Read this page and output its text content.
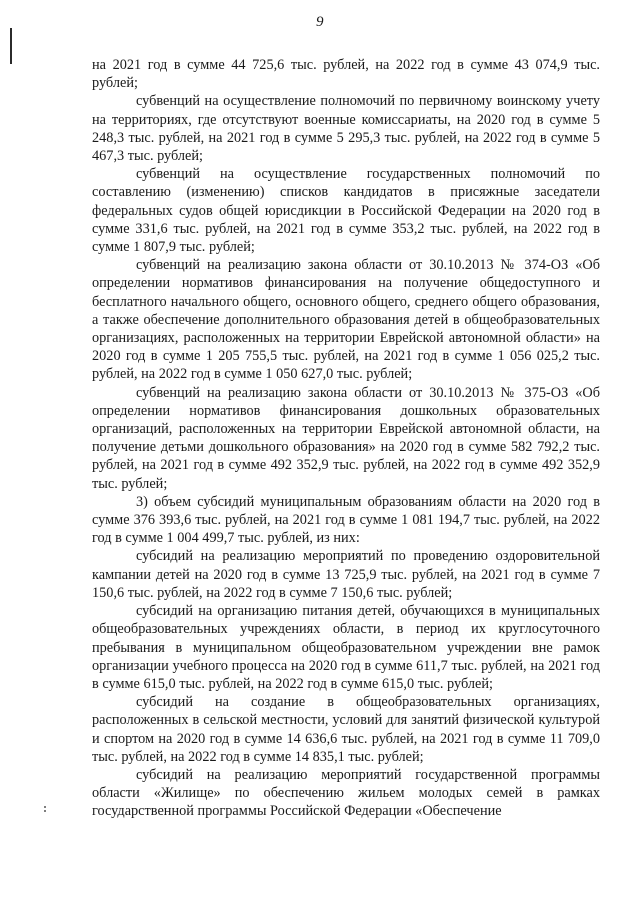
9

на 2021 год в сумме 44 725,6 тыс. рублей, на 2022 год в сумме 43 074,9 тыс. рублей;

субвенций на осуществление полномочий по первичному воинскому учету на территориях, где отсутствуют военные комиссариаты, на 2020 год в сумме 5 248,3 тыс. рублей, на 2021 год в сумме 5 295,3 тыс. рублей, на 2022 год в сумме 5 467,3 тыс. рублей;

субвенций на осуществление государственных полномочий по составлению (изменению) списков кандидатов в присяжные заседатели федеральных судов общей юрисдикции в Российской Федерации на 2020 год в сумме 331,6 тыс. рублей, на 2021 год в сумме 353,2 тыс. рублей, на 2022 год в сумме 1 807,9 тыс. рублей;

субвенций на реализацию закона области от 30.10.2013 № 374-ОЗ «Об определении нормативов финансирования на получение общедоступного и бесплатного начального общего, основного общего, среднего общего образования, а также обеспечение дополнительного образования детей в общеобразовательных организациях, расположенных на территории Еврейской автономной области» на 2020 год в сумме 1 205 755,5 тыс. рублей, на 2021 год в сумме 1 056 025,2 тыс. рублей, на 2022 год в сумме 1 050 627,0 тыс. рублей;

субвенций на реализацию закона области от 30.10.2013 № 375-ОЗ «Об определении нормативов финансирования дошкольных образовательных организаций, расположенных на территории Еврейской автономной области, на получение детьми дошкольного образования» на 2020 год в сумме 582 792,2 тыс. рублей, на 2021 год в сумме 492 352,9 тыс. рублей, на 2022 год в сумме 492 352,9 тыс. рублей;

3) объем субсидий муниципальным образованиям области на 2020 год в сумме 376 393,6 тыс. рублей, на 2021 год в сумме 1 081 194,7 тыс. рублей, на 2022 год в сумме 1 004 499,7 тыс. рублей, из них:

субсидий на реализацию мероприятий по проведению оздоровительной кампании детей на 2020 год в сумме 13 725,9 тыс. рублей, на 2021 год в сумме 7 150,6 тыс. рублей, на 2022 год в сумме 7 150,6 тыс. рублей;

субсидий на организацию питания детей, обучающихся в муниципальных общеобразовательных учреждениях области, в период их круглосуточного пребывания в муниципальном общеобразовательном учреждении вне рамок организации учебного процесса на 2020 год в сумме 611,7 тыс. рублей, на 2021 год в сумме 615,0 тыс. рублей, на 2022 год в сумме 615,0 тыс. рублей;

субсидий на создание в общеобразовательных организациях, расположенных в сельской местности, условий для занятий физической культурой и спортом на 2020 год в сумме 14 636,6 тыс. рублей, на 2021 год в сумме 11 709,0 тыс. рублей, на 2022 год в сумме 14 835,1 тыс. рублей;

субсидий на реализацию мероприятий государственной программы области «Жилище» по обеспечению жильем молодых семей в рамках государственной программы Российской Федерации «Обеспечение
